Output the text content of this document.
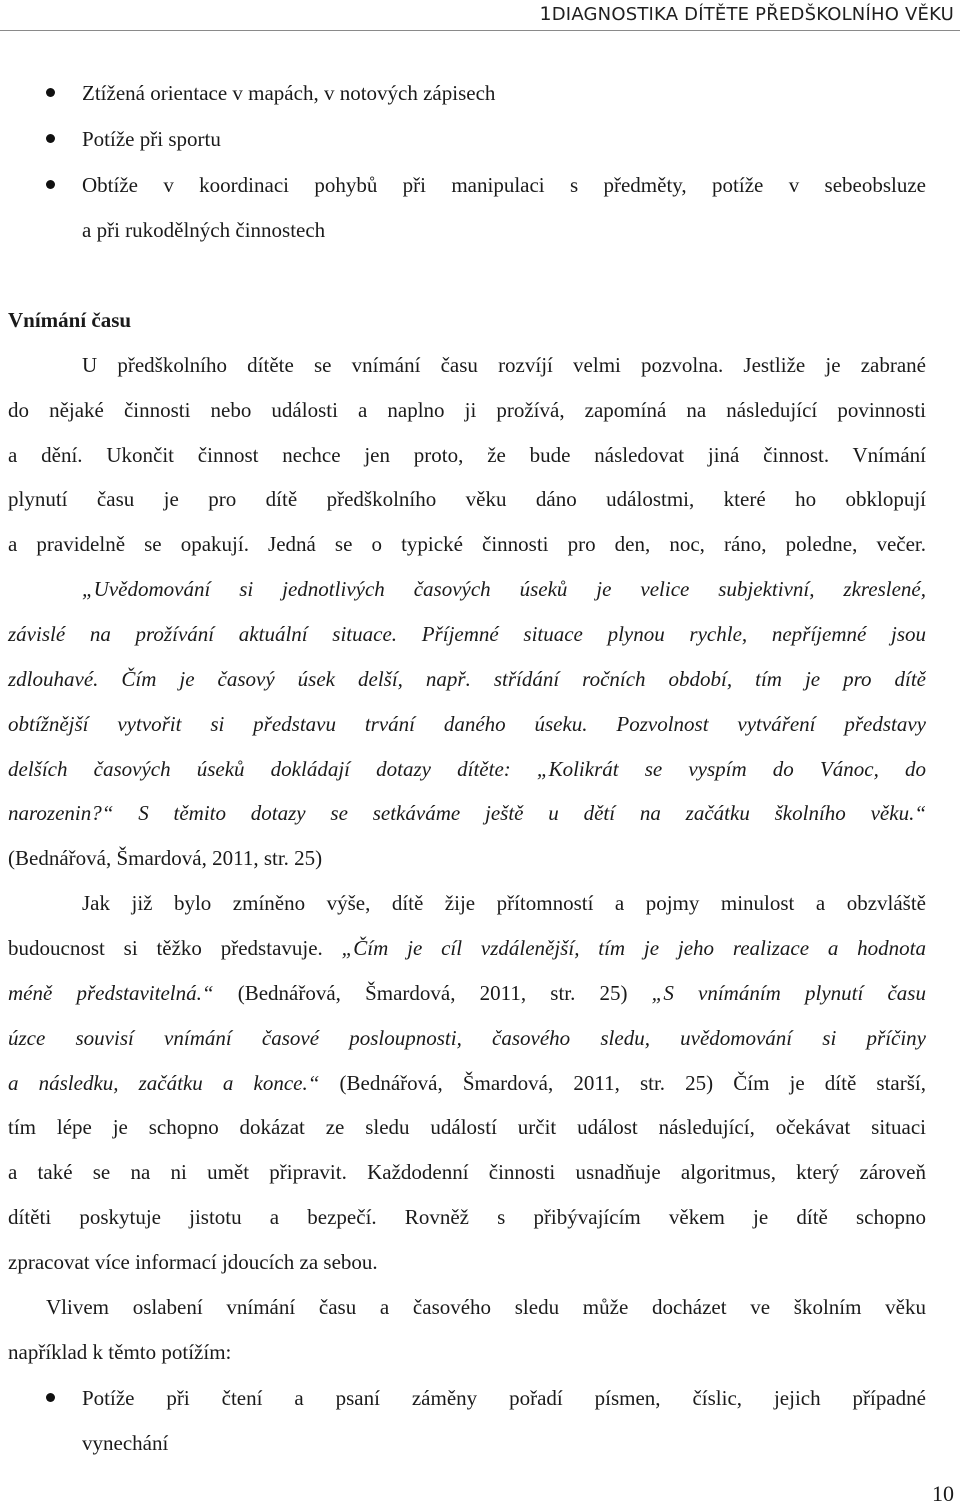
1DIAGNOSTIKA DÍTĚTE PŘEDŠKOLNÍHO VĚKU
Ztížená orientace v mapách, v notových zápisech
Potíže při sportu
Obtíže v koordinaci pohybů při manipulaci s předměty, potíže v sebeobsluze
a při rukodělných činnostech
Vnímání času
U předškolního dítěte se vnímání času rozvíjí velmi pozvolna. Jestliže je zabrané
do nějaké činnosti nebo události a naplno ji prožívá, zapomíná na následující povinnosti
a dění. Ukončit činnost nechce jen proto, že bude následovat jiná činnost. Vnímání
plynutí času je pro dítě předškolního věku dáno událostmi, které ho obklopují
a pravidelně se opakují. Jedná se o typické činnosti pro den, noc, ráno, poledne, večer.
„Uvědomování si jednotlivých časových úseků je velice subjektivní, zkreslené,
závislé na prožívání aktuální situace. Příjemné situace plynou rychle, nepříjemné jsou
zdlouhavé. Čím je časový úsek delší, např. střídání ročních období, tím je pro dítě
obtížnější vytvořit si představu trvání daného úseku. Pozvolnost vytváření představy
delších časových úseků dokládají dotazy dítěte: „Kolikrát se vyspím do Vánoc, do
narozenin?“ S těmito dotazy se setkáváme ještě u dětí na začátku školního věku.“
(Bednářová, Šmardová, 2011, str. 25)
Jak již bylo zmíněno výše, dítě žije přítomností a pojmy minulost a obzvláště
budoucnost si těžko představuje. „Čím je cíl vzdálenější, tím je jeho realizace a hodnota
méně představitelná.“ (Bednářová, Šmardová, 2011, str. 25) „S vnímáním plynutí času
úzce souvisí vnímání časové posloupnosti, časového sledu, uvědomování si příčiny
a následku, začátku a konce.“ (Bednářová, Šmardová, 2011, str. 25) Čím je dítě starší,
tím lépe je schopno dokázat ze sledu událostí určit událost následující, očekávat situaci
a také se na ni umět připravit. Každodenní činnosti usnadňuje algoritmus, který zároveň
dítěti poskytuje jistotu a bezpečí. Rovněž s přibývajícím věkem je dítě schopno
zpracovat více informací jdoucích za sebou.
Vlivem oslabení vnímání času a časového sledu může docházet ve školním věku
například k těmto potížím:
Potíže při čtení a psaní záměny pořadí písmen, číslic, jejich případné
vynechání
10
